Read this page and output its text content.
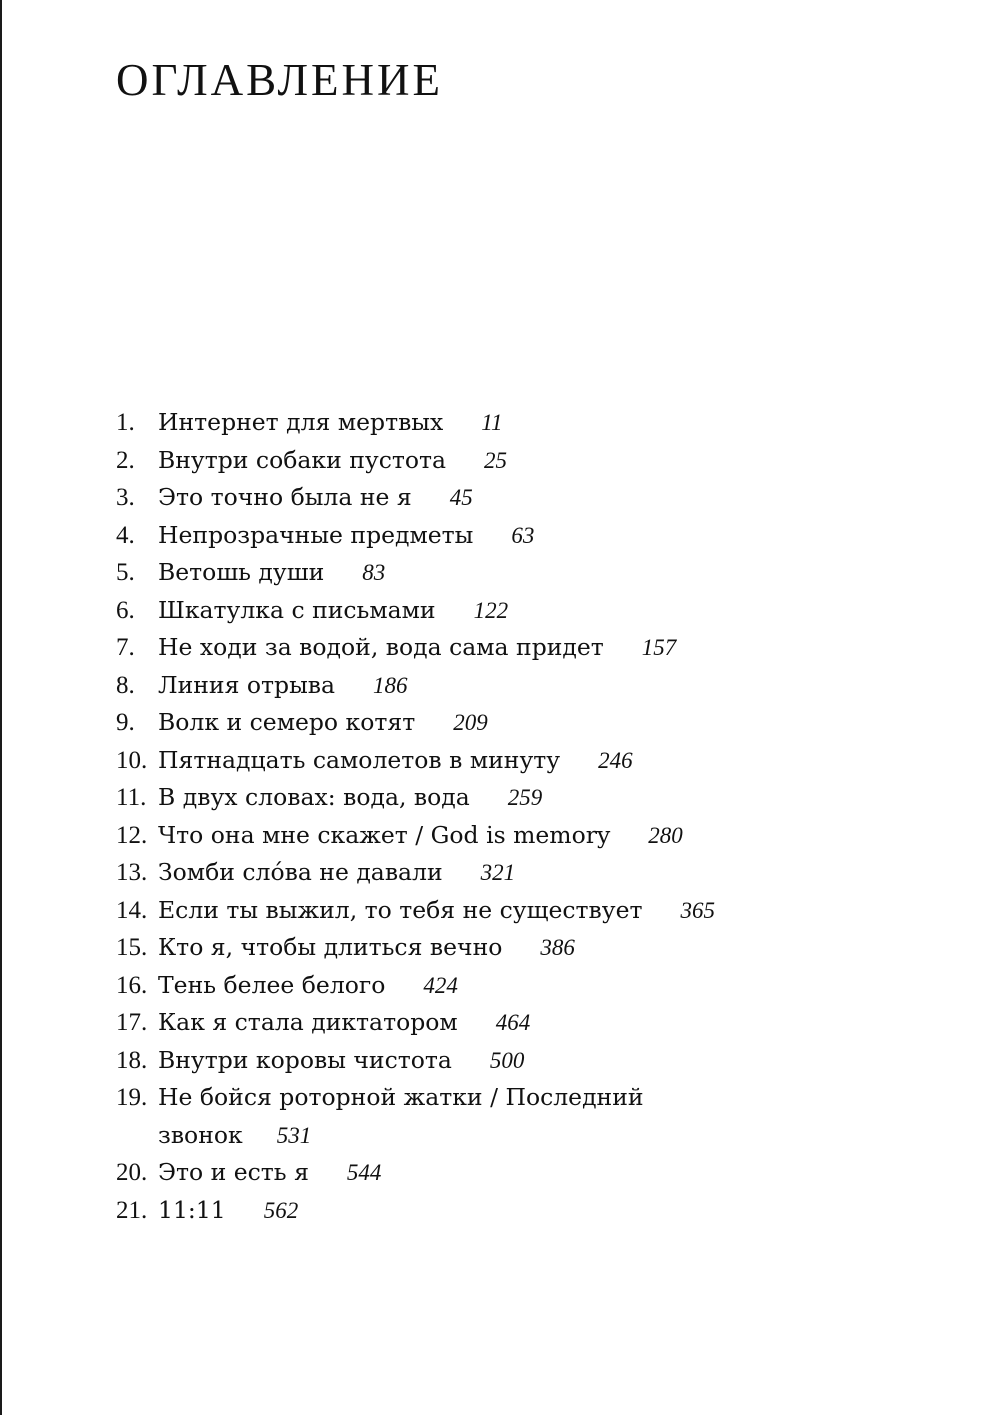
ОГЛАВЛЕНИЕ
1. Интернет для мертвых 11
2. Внутри собаки пустота 25
3. Это точно была не я 45
4. Непрозрачные предметы 63
5. Ветошь души 83
6. Шкатулка с письмами 122
7. Не ходи за водой, вода сама придет 157
8. Линия отрыва 186
9. Волк и семеро котят 209
10. Пятнадцать самолетов в минуту 246
11. В двух словах: вода, вода 259
12. Что она мне скажет / God is memory 280
13. Зомби сло́ва не давали 321
14. Если ты выжил, то тебя не существует 365
15. Кто я, чтобы длиться вечно 386
16. Тень белее белого 424
17. Как я стала диктатором 464
18. Внутри коровы чистота 500
19. Не бойся роторной жатки / Последний звонок 531
20. Это и есть я 544
21. 11:11 562
